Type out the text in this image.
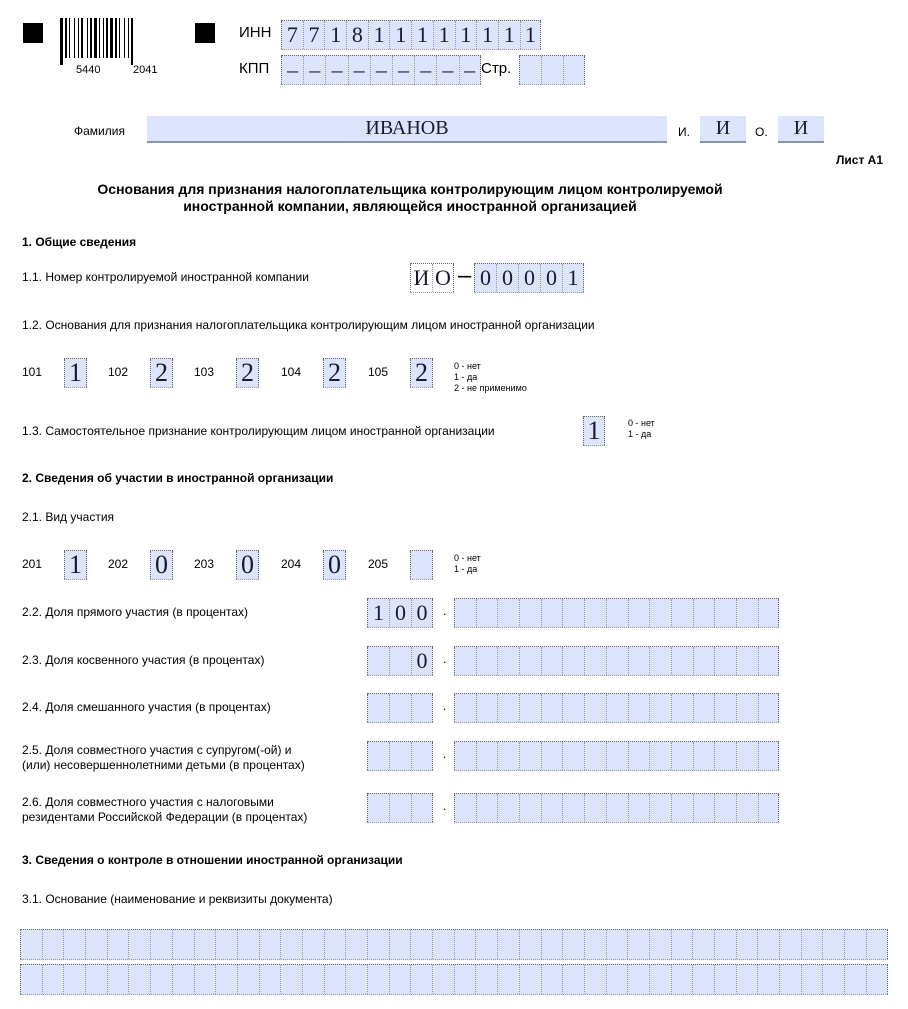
5440	2041
ИНН 7 7 1 8 1 1 1 1 1 1 1 1
КПП – – – – – – – – – Стр.
Фамилия	ИВАНОВ	И.	И	О.	И
Лист А1
Основания для признания налогоплательщика контролирующим лицом контролируемой
иностранной компании, являющейся иностранной организацией
1. Общие сведения
1.1. Номер контролируемой иностранной компании	И О – 0 0 0 0 1
1.2. Основания для признания налогоплательщика контролирующим лицом иностранной организации
101 1	102 2	103 2	104 2	105 2	0 - нет
1 - да
2 - не применимо
1.3. Самостоятельное признание контролирующим лицом иностранной организации	1	0 - нет
1 - да
2. Сведения об участии в иностранной организации
2.1. Вид участия
201 1	202 0	203 0	204 0	205	0 - нет
1 - да
2.2. Доля прямого участия (в процентах)	1 0 0	.
2.3. Доля косвенного участия (в процентах)	0	.
2.4. Доля смешанного участия (в процентах)	.
2.5. Доля совместного участия с супругом(-ой) и
(или) несовершеннолетними детьми (в процентах)
.
2.6. Доля совместного участия с налоговыми
резидентами Российской Федерации (в процентах)
.
3. Сведения о контроле в отношении иностранной организации
3.1. Основание (наименование и реквизиты документа)
